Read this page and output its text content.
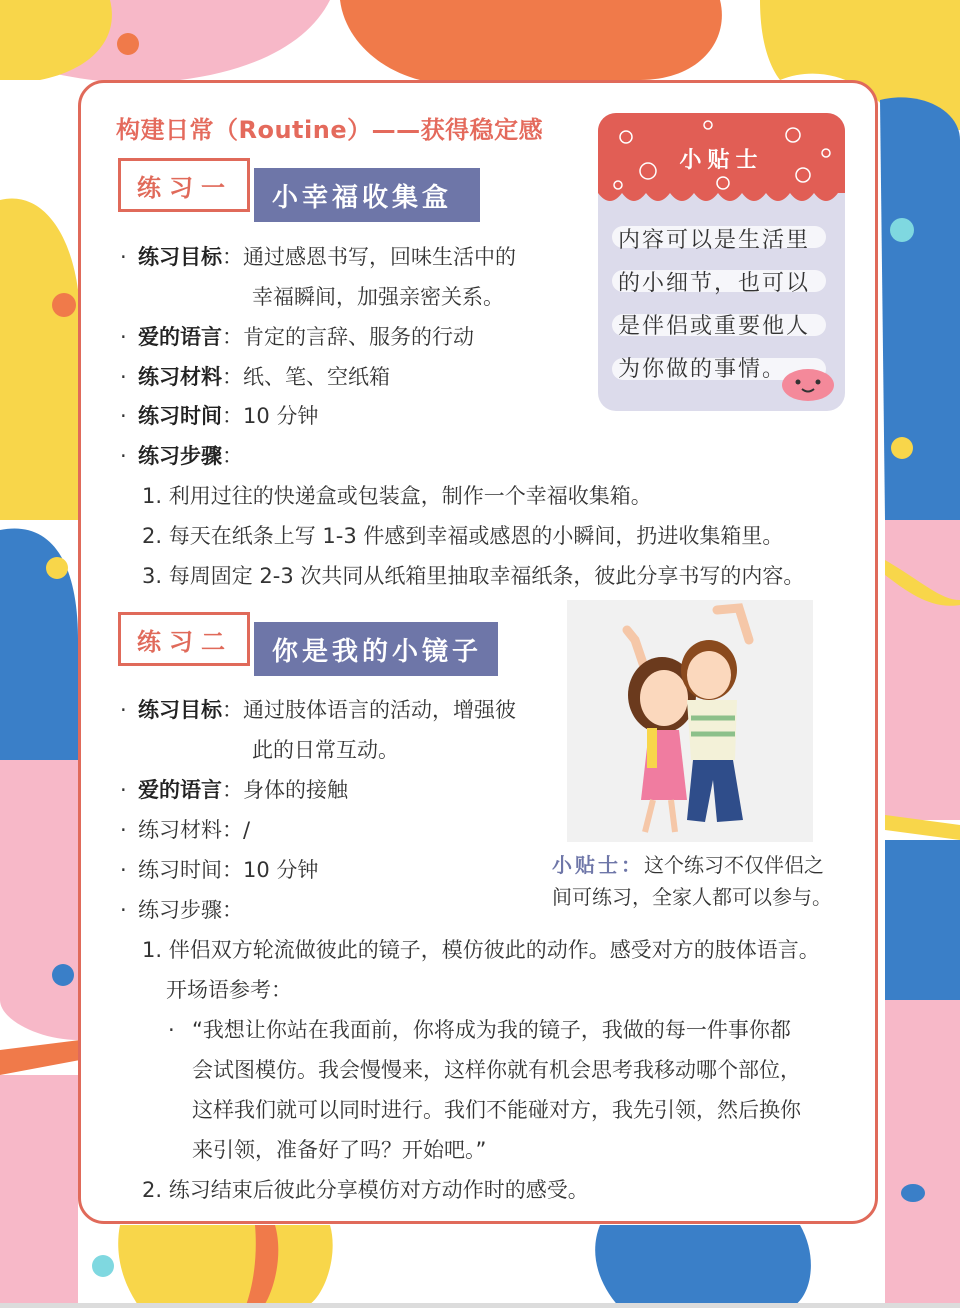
构建日常（Routine）——获得稳定感
小贴士
内容可以是生活里
的小细节，也可以
是伴侣或重要他人
为你做的事情。
练习一	小幸福收集盒
· 练习目标：通过感恩书写，回味生活中的
幸福瞬间，加强亲密关系。
· 爱的语言：肯定的言辞、服务的行动
· 练习材料：纸、笔、空纸箱
· 练习时间：10 分钟
· 练习步骤：
1. 利用过往的快递盒或包装盒，制作一个幸福收集箱。
2. 每天在纸条上写 1-3 件感到幸福或感恩的小瞬间，扔进收集箱里。
3. 每周固定 2-3 次共同从纸箱里抽取幸福纸条，彼此分享书写的内容。
练习二	你是我的小镜子
· 练习目标：通过肢体语言的活动，增强彼
此的日常互动。
· 爱的语言：身体的接触
· 练习材料：/
· 练习时间：10 分钟
· 练习步骤：
小贴士：这个练习不仅伴侣之
间可练习，全家人都可以参与。
1. 伴侣双方轮流做彼此的镜子，模仿彼此的动作。感受对方的肢体语言。
开场语参考：
· “我想让你站在我面前，你将成为我的镜子，我做的每一件事你都
会试图模仿。我会慢慢来，这样你就有机会思考我移动哪个部位，
这样我们就可以同时进行。我们不能碰对方，我先引领，然后换你
来引领，准备好了吗？开始吧。”
2. 练习结束后彼此分享模仿对方动作时的感受。
